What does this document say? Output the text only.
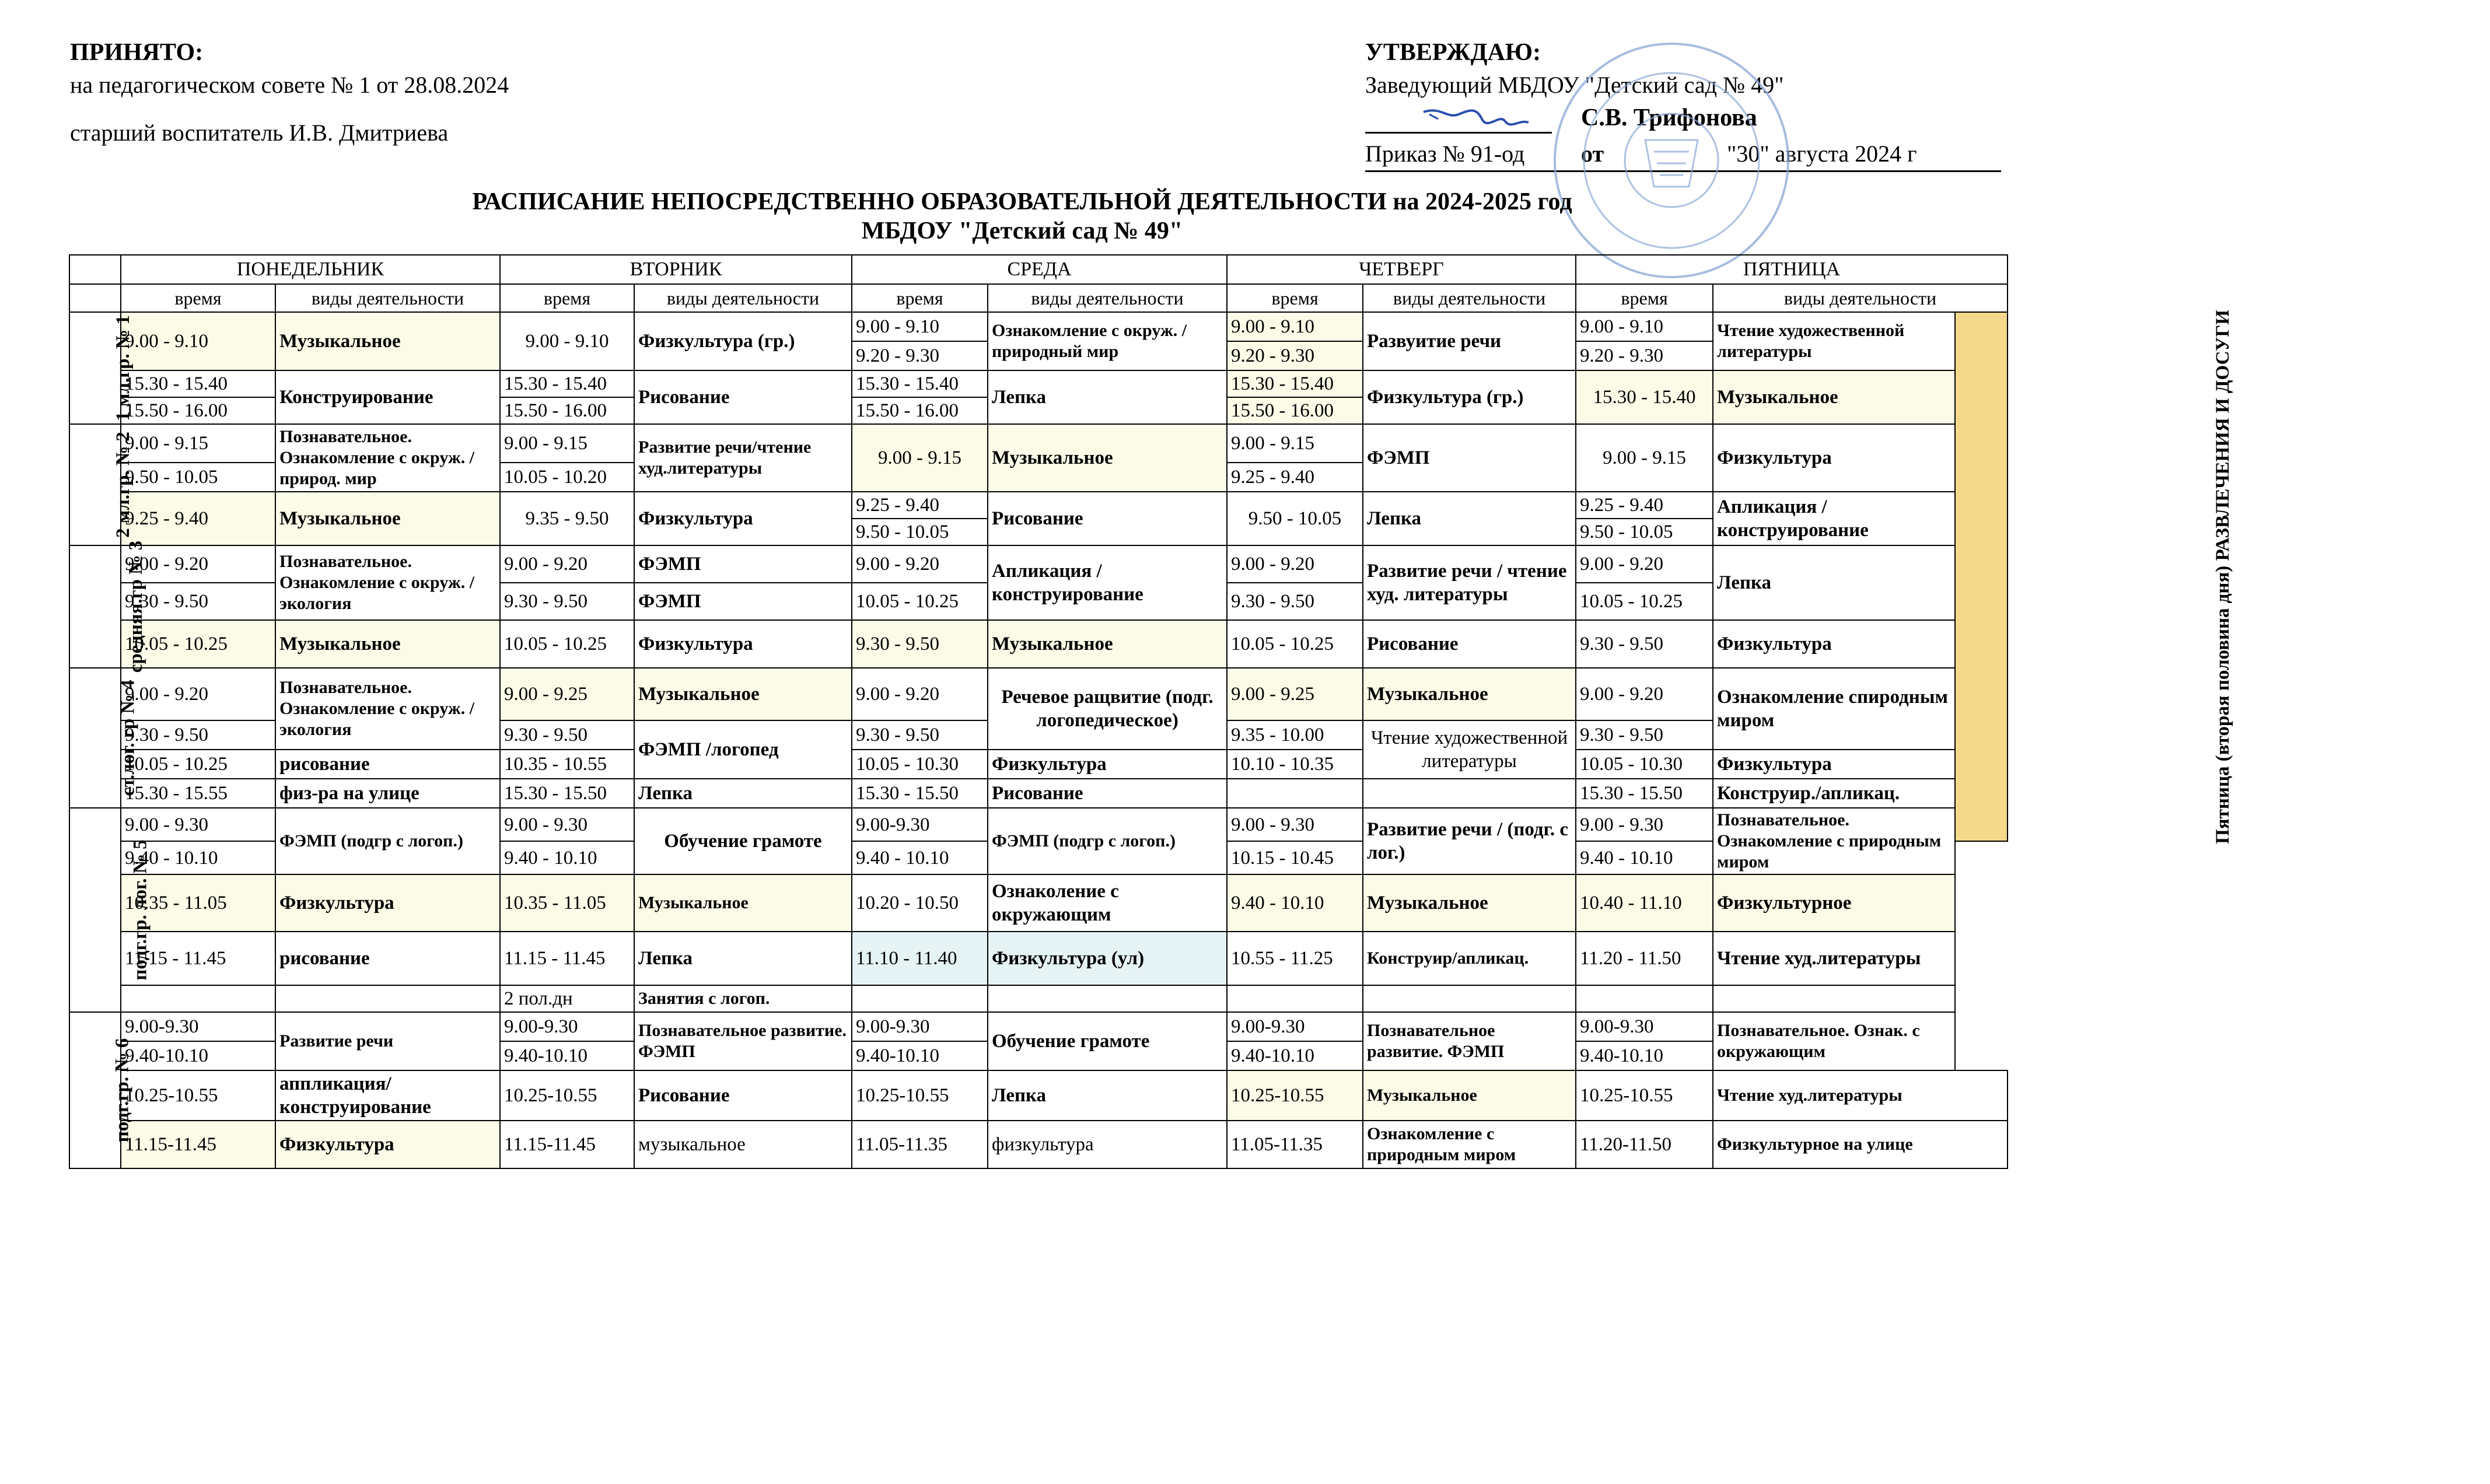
ПРИНЯТО:
на педагогическом совете № 1 от 28.08.2024
старший воспитатель И.В. Дмитриева
УТВЕРЖДАЮ:
Заведующий МБДОУ "Детский сад № 49"
С.В. Трифонова
Приказ № 91-од от	"30" августа 2024 г
РАСПИСАНИЕ НЕПОСРЕДСТВЕННО ОБРАЗОВАТЕЛЬНОЙ ДЕЯТЕЛЬНОСТИ на 2024-2025 год
МБДОУ "Детский сад № 49"
	ПОНЕДЕЛЬНИК		ВТОРНИК		СРЕДА		ЧЕТВЕРГ		ПЯТНИЦА		
	время	виды деятельности	время	виды деятельности	время	виды деятельности	время	виды деятельности	время	виды деятельности	
1 мл.гр. № 1	9.00 - 9.10	Музыкальное	9.00 - 9.10	Физкультура (гр.)	9.00 - 9.10	Ознакомление с окруж. /природный мир	9.00 - 9.10	Развуитие речи	9.00 - 9.10	Чтение художественной литературы	Пятница (вторая половина дня) РАЗВЛЕЧЕНИЯ И ДОСУГИ
					9.20 - 9.30		9.20 - 9.30		9.20 - 9.30		
	15.30 - 15.40	Конструирование	15.30 - 15.40	Рисование	15.30 - 15.40	Лепка	15.30 - 15.40	Физкультура (гр.)	15.30 - 15.40	Музыкальное	
	15.50 - 16.00		15.50 - 16.00		15.50 - 16.00		15.50 - 16.00				
2 мл.гр. № 2	9.00 - 9.15	Познавательное. Ознакомление с окруж. /природ. мир	9.00 - 9.15	Развитие речи/чтение худ.литературы	9.00 - 9.15	Музыкальное	9.00 - 9.15	ФЭМП	9.00 - 9.15	Физкультура	
	9.50 - 10.05		10.05 - 10.20				9.25 - 9.40				
	9.25 - 9.40	Музыкальное	9.35 - 9.50	Физкультура	9.25 - 9.40	Рисование	9.50 - 10.05	Лепка	9.25 - 9.40	Апликация / конструирование	
					9.50 - 10.05				9.50 - 10.05		
средняя.гр № 3	9.00 - 9.20	Познавательное. Ознакомление с окруж. /экология	9.00 - 9.20	ФЭМП	9.00 - 9.20	Апликация / конструирование	9.00 - 9.20	Развитие речи / чтение худ. литературы	9.00 - 9.20	Лепка	
	9.30 - 9.50		9.30 - 9.50	ФЭМП	10.05 - 10.25		9.30 - 9.50		10.05 - 10.25		
	10.05 - 10.25	Музыкальное	10.05 - 10.25	Физкультура	9.30 - 9.50	Музыкальное	10.05 - 10.25	Рисование	9.30 - 9.50	Физкультура	
ст.лог. гр № 4	9.00 - 9.20	Познавательное. Ознакомление с окруж. /экология	9.00 - 9.25	Музыкальное	9.00 - 9.20	Речевое ращвитие (подг. логопедическое)	9.00 - 9.25	Музыкальное	9.00 - 9.20	Ознакомление спиродным миром	
	9.30 - 9.50		9.30 - 9.50	ФЭМП /логопед	9.30 - 9.50		9.35 - 10.00	Чтение художественной литературы	9.30 - 9.50		
	10.05 - 10.25	рисование	10.35 - 10.55		10.05 - 10.30	Физкультура	10.10 - 10.35		10.05 - 10.30	Физкультура	
	15.30 - 15.55	физ-ра на улице	15.30 - 15.50	Лепка	15.30 - 15.50	Рисование			15.30 - 15.50	Конструир./апликац.	
подг.гр. лог. № 5	9.00 - 9.30	ФЭМП (подгр с логоп.)	9.00 - 9.30	Обучение грамоте	9.00-9.30	ФЭМП (подгр с логоп.)	9.00 - 9.30	Развитие речи / (подг. с лог.)	9.00 - 9.30	Познавательное. Ознакомление с природным миром	
	9.40 - 10.10		9.40 - 10.10		9.40 - 10.10		10.15 - 10.45		9.40 - 10.10		
	10.35 - 11.05	Физкультура	10.35 - 11.05	Музыкальное	10.20 - 10.50	Ознаколение с окружающим	9.40 - 10.10	Музыкальное	10.40 - 11.10	Физкультурное	
	11.15 - 11.45	рисование	11.15 - 11.45	Лепка	11.10 - 11.40	Физкультура (ул)	10.55 - 11.25	Конструир/апликац.	11.20 - 11.50	Чтение худ.литературы	
			2 пол.дн	Занятия с логоп.							
подг.гр. № 6	9.00-9.30	Развитие речи	9.00-9.30	Познавательное развитие. ФЭМП	9.00-9.30	Обучение грамоте	9.00-9.30	Познавательное развитие. ФЭМП	9.00-9.30	Познавательное. Ознак. с окружающим	
	9.40-10.10		9.40-10.10		9.40-10.10		9.40-10.10		9.40-10.10		
	10.25-10.55	аппликация/конструирование	10.25-10.55	Рисование	10.25-10.55	Лепка	10.25-10.55	Музыкальное	10.25-10.55	Чтение худ.литературы	
	11.15-11.45	Физкультура	11.15-11.45	музыкальное	11.05-11.35	физкультура	11.05-11.35	Ознакомление с природным миром	11.20-11.50	Физкультурное на улице	
